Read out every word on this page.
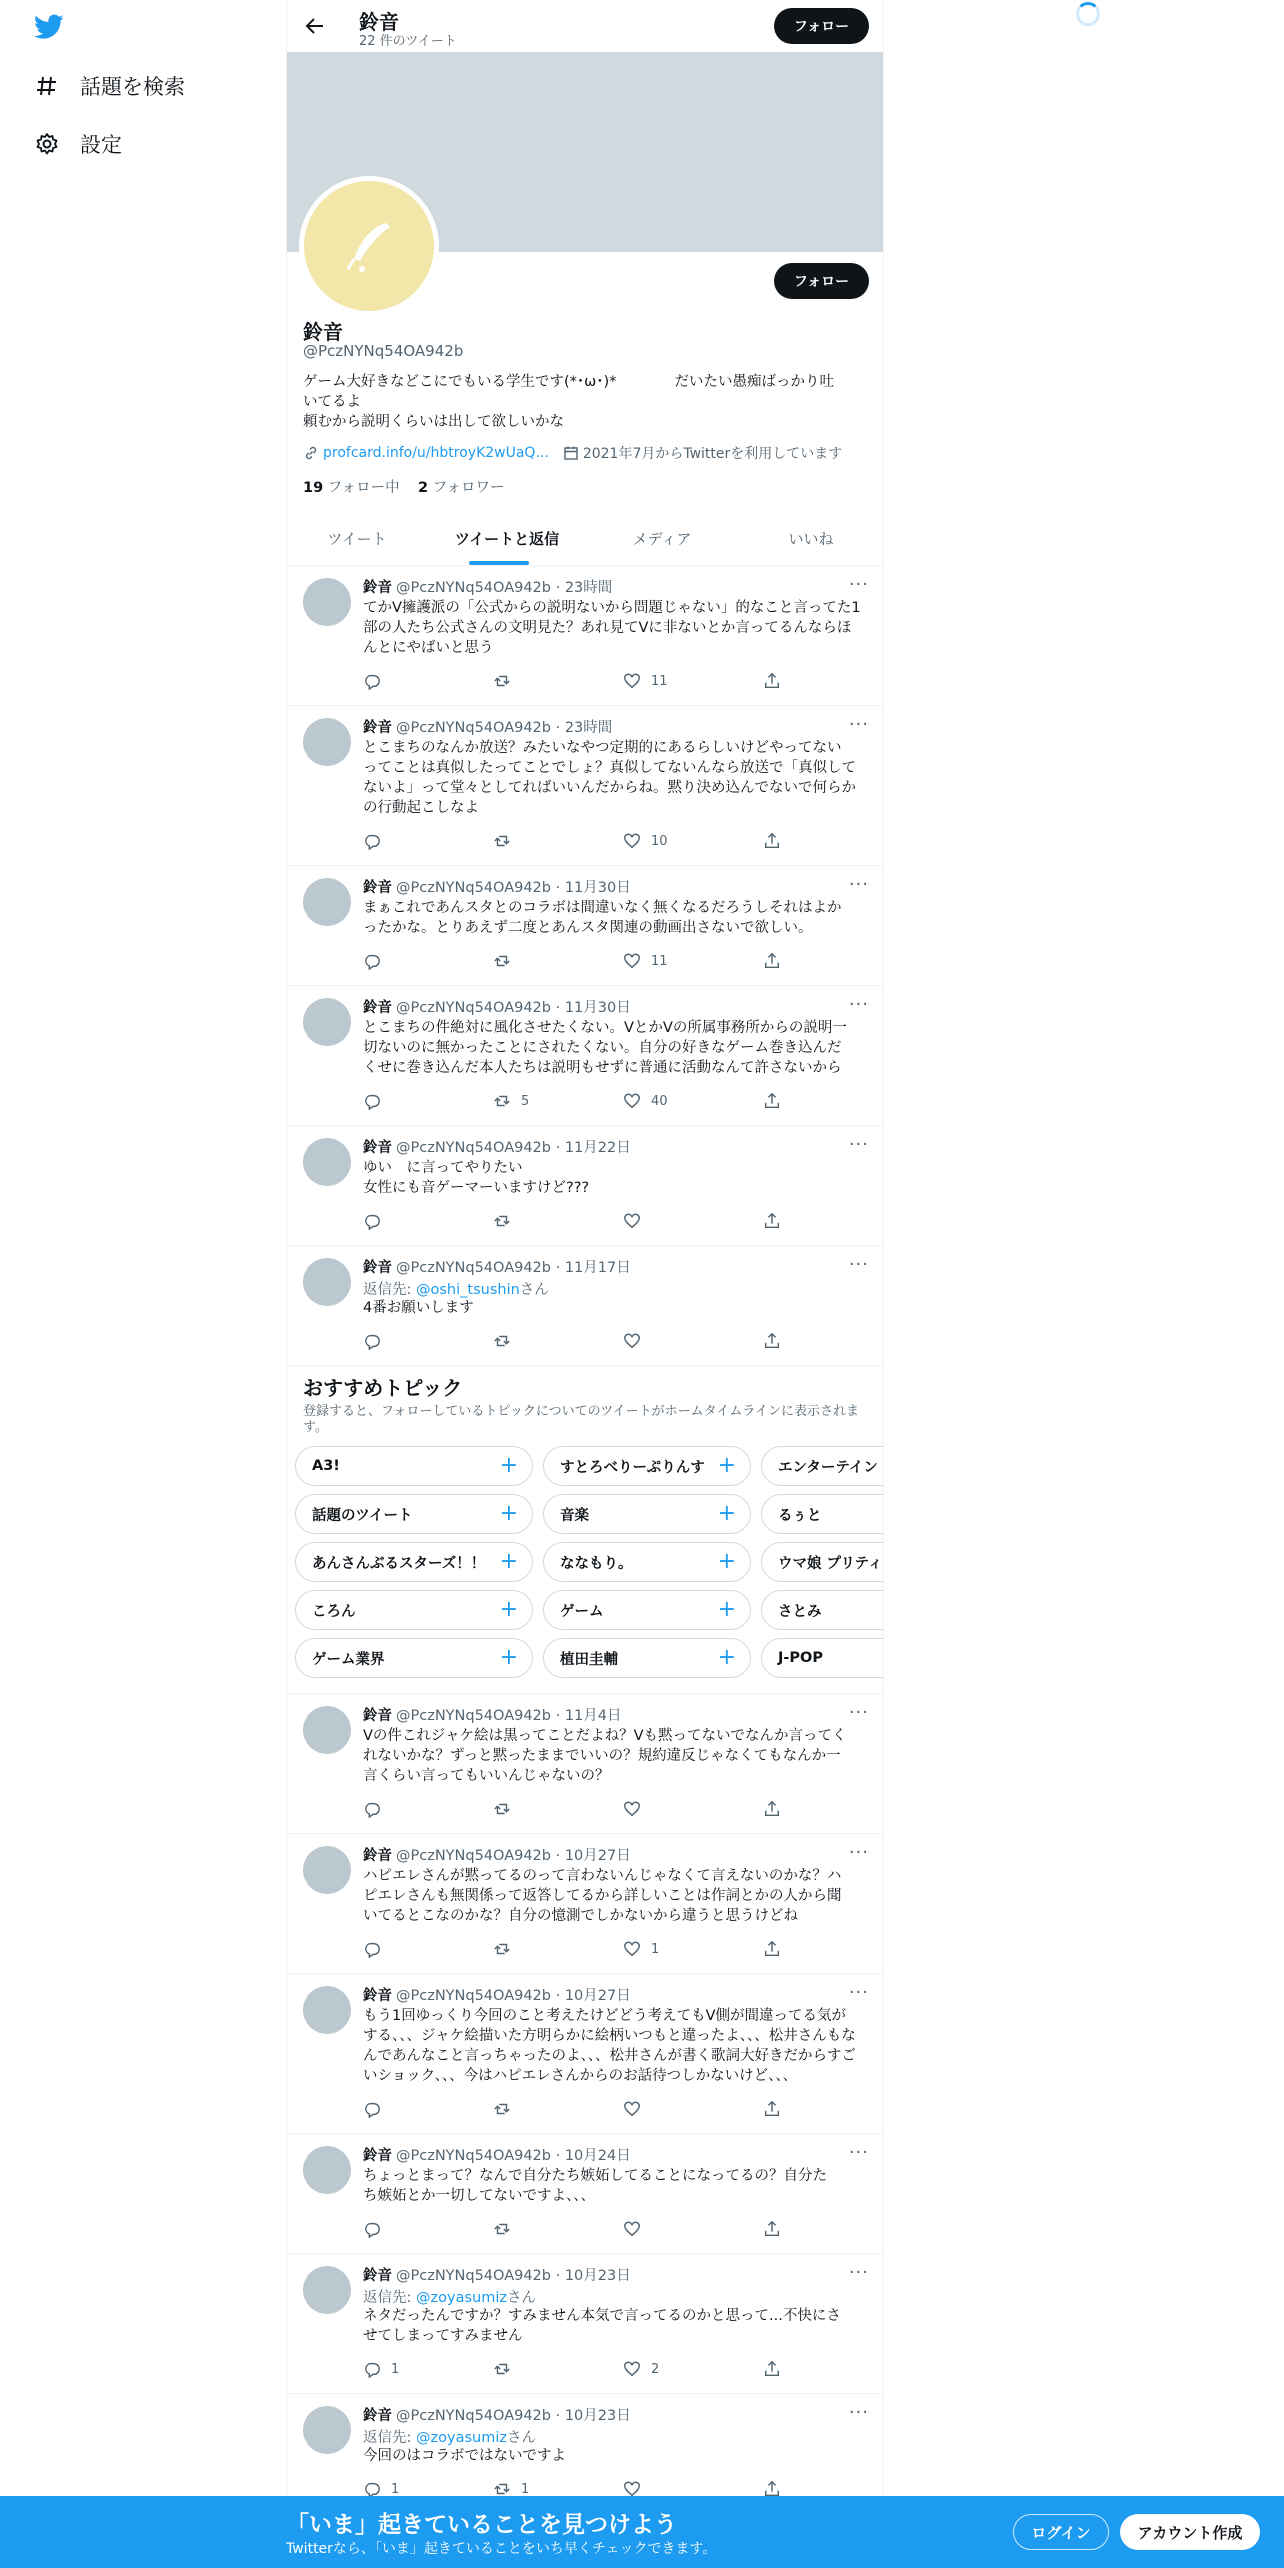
話題を検索
設定
鈴音
22 件のツイート
フォロー
フォロー
鈴音
@PczNYNq54OA942b
ゲーム大好きなどこにでもいる学生です(*･ω･)*　　　　だいたい愚痴ばっかり吐
いてるよ
頼むから説明くらいは出して欲しいかな
profcard.info/u/hbtroyK2wUaQ... 2021年7月からTwitterを利用しています
19 フォロー中 2 フォロワー
ツイート	ツイートと返信	メディア	いいね
鈴音 @PczNYNq54OA942b · 23時間	···
てかV擁護派の「公式からの説明ないから問題じゃない」的なこと言ってた1
部の人たち公式さんの文明見た？あれ見てVに非ないとか言ってるんならほ
んとにやばいと思う
11
鈴音 @PczNYNq54OA942b · 23時間	···
とこまちのなんか放送？みたいなやつ定期的にあるらしいけどやってない
ってことは真似したってことでしょ？真似してないんなら放送で「真似して
ないよ」って堂々としてればいいんだからね。黙り決め込んでないで何らか
の行動起こしなよ
10
鈴音 @PczNYNq54OA942b · 11月30日	···
まぁこれであんスタとのコラボは間違いなく無くなるだろうしそれはよか
ったかな。とりあえず二度とあんスタ関連の動画出さないで欲しい。
11
鈴音 @PczNYNq54OA942b · 11月30日	···
とこまちの件絶対に風化させたくない。VとかVの所属事務所からの説明一
切ないのに無かったことにされたくない。自分の好きなゲーム巻き込んだ
くせに巻き込んだ本人たちは説明もせずに普通に活動なんて許さないから
5	40
鈴音 @PczNYNq54OA942b · 11月22日	···
ゆい　に言ってやりたい
女性にも音ゲーマーいますけど???
鈴音 @PczNYNq54OA942b · 11月17日	···
返信先: @oshi_tsushinさん
4番お願いします
おすすめトピック
登録すると、フォローしているトピックについてのツイートがホームタイムラインに表示されま
す。
A3!	+	すとろべりーぷりんす +	エンターテイン
話題のツイート	+	音楽	+	るぅと
あんさんぶるスターズ！！ +	ななもり。	+	ウマ娘 プリティ
ころん	+	ゲーム	+	さとみ
ゲーム業界	+	植田圭輔	+	J-POP
鈴音 @PczNYNq54OA942b · 11月4日	···
Vの件これジャケ絵は黒ってことだよね？Vも黙ってないでなんか言ってく
れないかな？ずっと黙ったままでいいの？規約違反じゃなくてもなんか一
言くらい言ってもいいんじゃないの？
鈴音 @PczNYNq54OA942b · 10月27日	···
ハピエレさんが黙ってるのって言わないんじゃなくて言えないのかな？ハ
ピエレさんも無関係って返答してるから詳しいことは作詞とかの人から聞
いてるとこなのかな？自分の憶測でしかないから違うと思うけどね
1
鈴音 @PczNYNq54OA942b · 10月27日	···
もう1回ゆっくり今回のこと考えたけどどう考えてもV側が間違ってる気が
する、、、ジャケ絵描いた方明らかに絵柄いつもと違ったよ、、、松井さんもな
んであんなこと言っちゃったのよ、、、松井さんが書く歌詞大好きだからすご
いショック、、、今はハピエレさんからのお話待つしかないけど、、、
鈴音 @PczNYNq54OA942b · 10月24日	···
ちょっとまって？なんで自分たち嫉妬してることになってるの？自分た
ち嫉妬とか一切してないですよ、、、
鈴音 @PczNYNq54OA942b · 10月23日	···
返信先: @zoyasumizさん
ネタだったんですか？すみません本気で言ってるのかと思って...不快にさ
せてしまってすみません
1	2
鈴音 @PczNYNq54OA942b · 10月23日	···
返信先: @zoyasumizさん
今回のはコラボではないですよ
1	1
「いま」起きていることを見つけよう
Twitterなら、「いま」起きていることをいち早くチェックできます。
ログイン	アカウント作成
